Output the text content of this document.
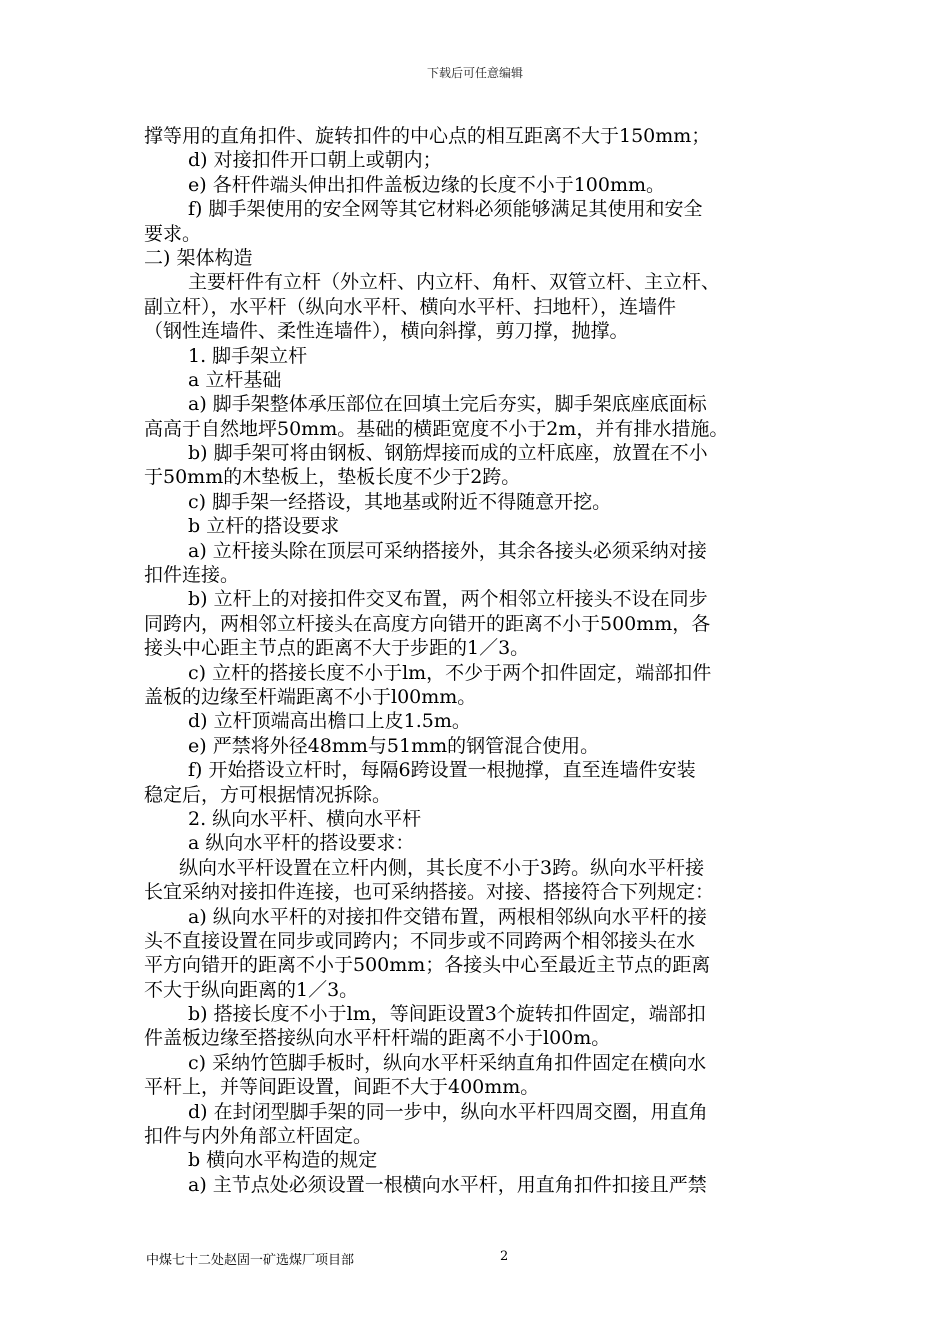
下载后可任意编辑
撑等用的直角扣件、旋转扣件的中心点的相互距离不大于150mm；
d) 对接扣件开口朝上或朝内；
e) 各杆件端头伸出扣件盖板边缘的长度不小于100mm。
f) 脚手架使用的安全网等其它材料必须能够满足其使用和安全
要求。
二) 架体构造
主要杆件有立杆（外立杆、内立杆、角杆、双管立杆、主立杆、
副立杆），水平杆（纵向水平杆、横向水平杆、扫地杆），连墙件
（钢性连墙件、柔性连墙件），横向斜撑，剪刀撑，抛撑。
1. 脚手架立杆
a 立杆基础
a) 脚手架整体承压部位在回填土完后夯实，脚手架底座底面标
高高于自然地坪50mm。基础的横距宽度不小于2m，并有排水措施。
b) 脚手架可将由钢板、钢筋焊接而成的立杆底座，放置在不小
于50mm的木垫板上，垫板长度不少于2跨。
c) 脚手架一经搭设，其地基或附近不得随意开挖。
b 立杆的搭设要求
a) 立杆接头除在顶层可采纳搭接外，其余各接头必须采纳对接
扣件连接。
b) 立杆上的对接扣件交叉布置，两个相邻立杆接头不设在同步
同跨内，两相邻立杆接头在高度方向错开的距离不小于500mm，各
接头中心距主节点的距离不大于步距的1／3。
c) 立杆的搭接长度不小于lm，不少于两个扣件固定，端部扣件
盖板的边缘至杆端距离不小于l00mm。
d) 立杆顶端高出檐口上皮1.5m。
e) 严禁将外径48mm与51mm的钢管混合使用。
f) 开始搭设立杆时，每隔6跨设置一根抛撑，直至连墙件安装
稳定后，方可根据情况拆除。
2. 纵向水平杆、横向水平杆
a 纵向水平杆的搭设要求：
纵向水平杆设置在立杆内侧，其长度不小于3跨。纵向水平杆接
长宜采纳对接扣件连接，也可采纳搭接。对接、搭接符合下列规定：
a) 纵向水平杆的对接扣件交错布置，两根相邻纵向水平杆的接
头不直接设置在同步或同跨内；不同步或不同跨两个相邻接头在水
平方向错开的距离不小于500mm；各接头中心至最近主节点的距离
不大于纵向距离的1／3。
b) 搭接长度不小于lm，等间距设置3个旋转扣件固定，端部扣
件盖板边缘至搭接纵向水平杆杆端的距离不小于l00m。
c) 采纳竹笆脚手板时，纵向水平杆采纳直角扣件固定在横向水
平杆上，并等间距设置，间距不大于400mm。
d) 在封闭型脚手架的同一步中，纵向水平杆四周交圈，用直角
扣件与内外角部立杆固定。
b 横向水平构造的规定
a) 主节点处必须设置一根横向水平杆，用直角扣件扣接且严禁
中煤七十二处赵固一矿选煤厂项目部	2
